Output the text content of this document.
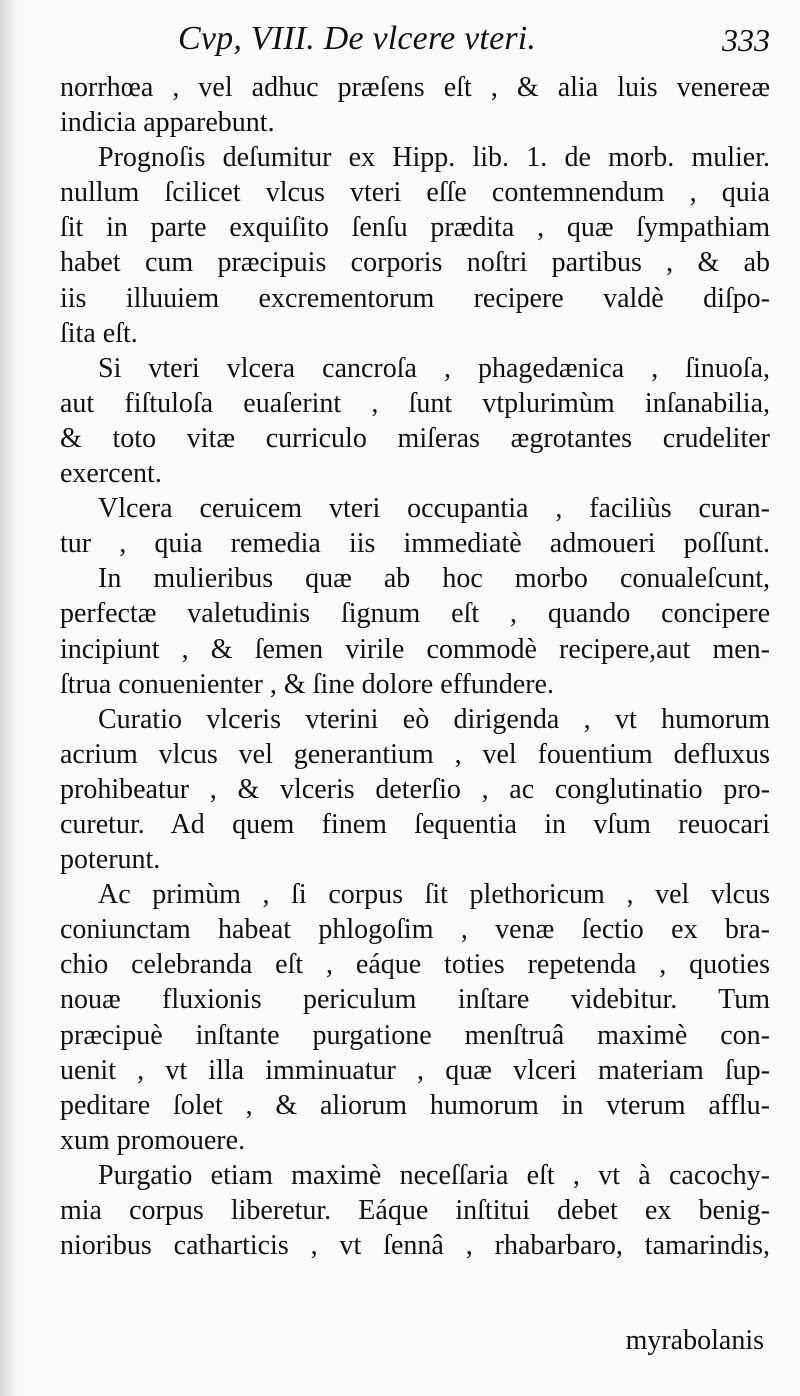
Cvp, VIII. De vlcere vteri.	333
norrhœa , vel adhuc præſens eſt , & alia luis venereæ
indicia apparebunt.
Prognoſis deſumitur ex Hipp. lib. 1. de morb. mulier.
nullum ſcilicet vlcus vteri eſſe contemnendum , quia
ſit in parte exquiſito ſenſu prædita , quæ ſympathiam
habet cum præcipuis corporis noſtri partibus , & ab
iis illuuiem excrementorum recipere valdè diſpo-
ſita eſt.
Si vteri vlcera cancroſa , phagedænica , ſinuoſa,
aut fiſtuloſa euaſerint , ſunt vtplurimùm inſanabilia,
& toto vitæ curriculo miſeras ægrotantes crudeliter
exercent.
Vlcera ceruicem vteri occupantia , faciliùs curan-
tur , quia remedia iis immediatè admoueri poſſunt.
In mulieribus quæ ab hoc morbo conualeſcunt,
perfectæ valetudinis ſignum eſt , quando concipere
incipiunt , & ſemen virile commodè recipere,aut men-
ſtrua conuenienter , & ſine dolore effundere.
Curatio vlceris vterini eò dirigenda , vt humorum
acrium vlcus vel generantium , vel fouentium defluxus
prohibeatur , & vlceris deterſio , ac conglutinatio pro-
curetur. Ad quem finem ſequentia in vſum reuocari
poterunt.
Ac primùm , ſi corpus ſit plethoricum , vel vlcus
coniunctam habeat phlogoſim , venæ ſectio ex bra-
chio celebranda eſt , eáque toties repetenda , quoties
nouæ fluxionis periculum inſtare videbitur. Tum
præcipuè inſtante purgatione menſtruâ maximè con-
uenit , vt illa imminuatur , quæ vlceri materiam ſup-
peditare ſolet , & aliorum humorum in vterum afflu-
xum promouere.
Purgatio etiam maximè neceſſaria eſt , vt à cacochy-
mia corpus liberetur. Eáque inſtitui debet ex benig-
nioribus catharticis , vt ſennâ , rhabarbaro, tamarindis,
myrabolanis
